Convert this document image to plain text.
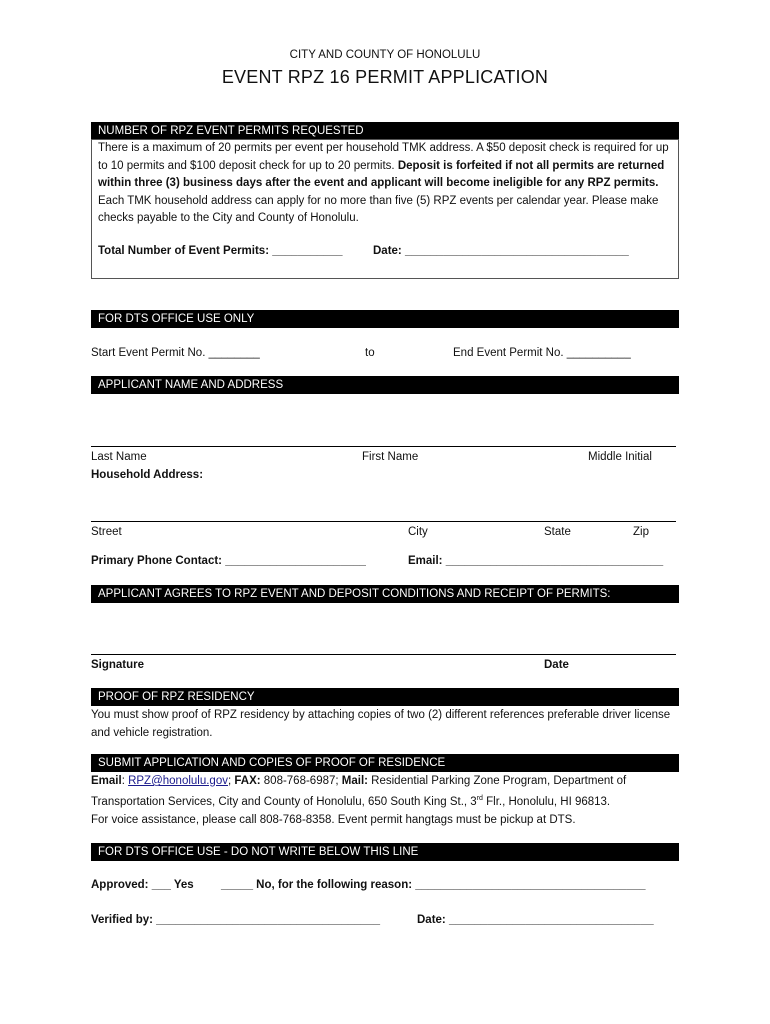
CITY AND COUNTY OF HONOLULU
EVENT RPZ 16 PERMIT APPLICATION
NUMBER OF RPZ EVENT PERMITS REQUESTED
There is a maximum of 20 permits per event per household TMK address. A $50 deposit check is required for up to 10 permits and $100 deposit check for up to 20 permits. Deposit is forfeited if not all permits are returned within three (3) business days after the event and applicant will become ineligible for any RPZ permits. Each TMK household address can apply for no more than five (5) RPZ events per calendar year. Please make checks payable to the City and County of Honolulu.
Total Number of Event Permits: ___________	Date: ___________________________________
FOR DTS OFFICE USE ONLY
Start Event Permit No. ________	to	End Event Permit No. __________
APPLICANT NAME AND ADDRESS
Last Name	First Name	Middle Initial
Household Address:
Street	City	State	Zip
Primary Phone Contact: ______________________	Email: __________________________________
APPLICANT AGREES TO RPZ EVENT AND DEPOSIT CONDITIONS AND RECEIPT OF PERMITS:
Signature	Date
PROOF OF RPZ RESIDENCY
You must show proof of RPZ residency by attaching copies of two (2) different references preferable driver license and vehicle registration.
SUBMIT APPLICATION AND COPIES OF PROOF OF RESIDENCE
Email: RPZ@honolulu.gov; FAX: 808-768-6987; Mail: Residential Parking Zone Program, Department of Transportation Services, City and County of Honolulu, 650 South King St., 3rd Flr., Honolulu, HI 96813.
For voice assistance, please call 808-768-8358. Event permit hangtags must be pickup at DTS.
FOR DTS OFFICE USE - DO NOT WRITE BELOW THIS LINE
Approved: ___ Yes _____ No, for the following reason: ____________________________________
Verified by: ___________________________________	Date: ________________________________
